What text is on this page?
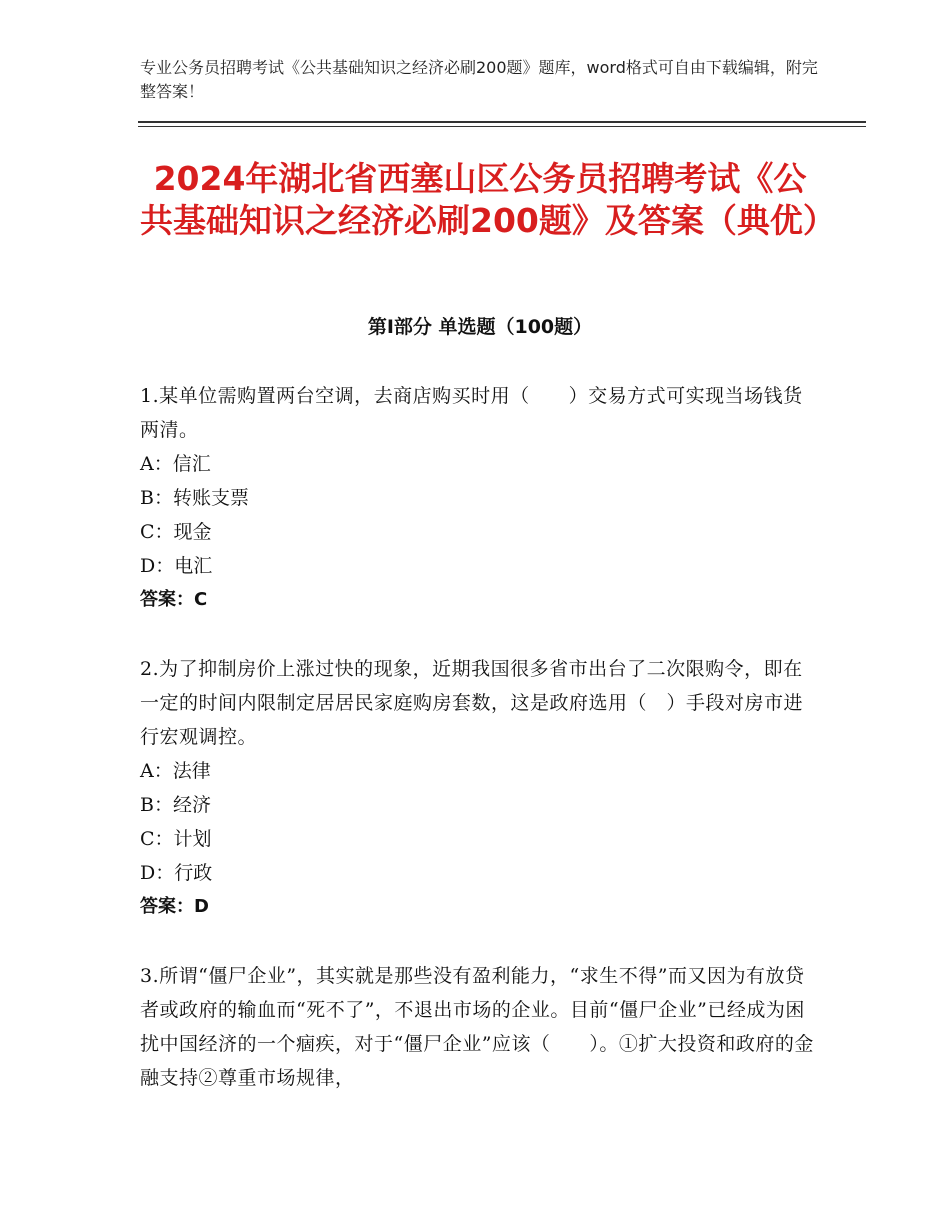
专业公务员招聘考试《公共基础知识之经济必刷200题》题库，word格式可自由下载编辑，附完整答案！
2024年湖北省西塞山区公务员招聘考试《公共基础知识之经济必刷200题》及答案（典优）
第Ⅰ部分 单选题（100题）
1.某单位需购置两台空调，去商店购买时用（　　）交易方式可实现当场钱货两清。
A：信汇
B：转账支票
C：现金
D：电汇
答案：C
2.为了抑制房价上涨过快的现象，近期我国很多省市出台了二次限购令，即在一定的时间内限制定居居民家庭购房套数，这是政府选用（　）手段对房市进行宏观调控。
A：法律
B：经济
C：计划
D：行政
答案：D
3.所谓“僵尸企业”，其实就是那些没有盈利能力，“求生不得”而又因为有放贷者或政府的输血而“死不了”，不退出市场的企业。目前“僵尸企业”已经成为困扰中国经济的一个痼疾，对于“僵尸企业”应该（　　）。①扩大投资和政府的金融支持②尊重市场规律，
